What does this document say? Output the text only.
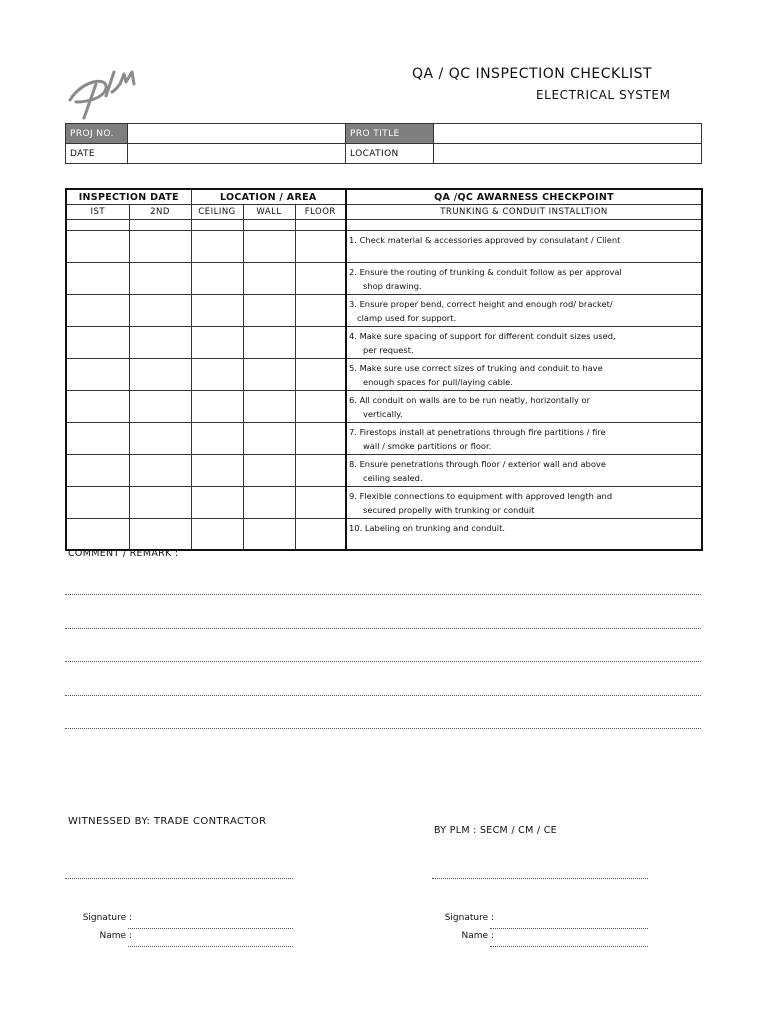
QA / QC INSPECTION CHECKLIST
ELECTRICAL SYSTEM
PROJ NO.		PRO TITLE	
DATE		LOCATION	
INSPECTION DATE		LOCATION / AREA			QA /QC AWARNESS CHECKPOINT
IST	2ND	CEILING	WALL	FLOOR	TRUNKING & CONDUIT INSTALLTION

					1. Check material & accessories approved by consulatant / Client

					2. Ensure the routing of trunking & conduit follow as per approval
shop drawing.

					3. Ensure proper bend, correct height and enough rod/ bracket/
clamp used for support.

					4. Make sure spacing of support for different conduit sizes used,
per request.

					5. Make sure use correct sizes of truking and conduit to have
enough spaces for pull/laying cable.

					6. All conduit on walls are to be run neatly, horizontally or
vertically.

					7. Firestops install at penetrations through fire partitions / fire
wall / smoke partitions or floor.

					8. Ensure penetrations through floor / exterior wall and above
ceiling sealed.

					9. Flexible connections to equipment with approved length and
secured propelly with trunking or conduit

					10. Labeling on trunking and conduit.
COMMENT / REMARK :
WITNESSED BY: TRADE CONTRACTOR
BY PLM : SECM / CM / CE
Signature :
Name :
Signature :
Name :
